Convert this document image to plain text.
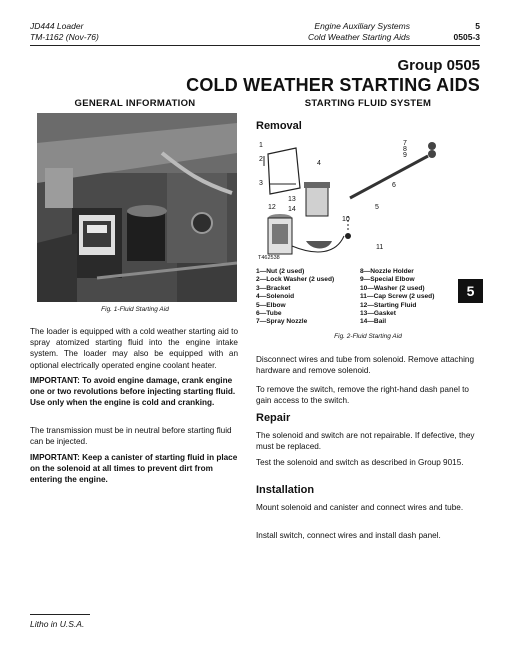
JD444 Loader
TM-1162 (Nov-76)
Engine Auxiliary Systems
Cold Weather Starting Aids
5
0505-3
Group 0505
COLD WEATHER STARTING AIDS
GENERAL INFORMATION
Fig. 1-Fluid Starting Aid
The loader is equipped with a cold weather starting aid to spray atomized starting fluid into the engine intake system. The loader may also be equipped with an optional electrically operated engine coolant heater.
IMPORTANT: To avoid engine damage, crank engine one or two revolutions before injecting starting fluid. Use only when the engine is cold and cranking.
The transmission must be in neutral before starting fluid can be injected.
IMPORTANT: Keep a canister of starting fluid in place on the solenoid at all times to prevent dirt from entering the engine.
STARTING FLUID SYSTEM
Removal
1
2
3
4
5
6
7
8
9
10
11
12
13
14
T462538
1—Nut (2 used)
2—Lock Washer (2 used)
3—Bracket
4—Solenoid
5—Elbow
6—Tube
7—Spray Nozzle
8—Nozzle Holder
9—Special Elbow
10—Washer (2 used)
11—Cap Screw (2 used)
12—Starting Fluid
13—Gasket
14—Bail
5
Fig. 2-Fluid Starting Aid
Disconnect wires and tube from solenoid. Remove attaching hardware and remove solenoid.
To remove the switch, remove the right-hand dash panel to gain access to the switch.
Repair
The solenoid and switch are not repairable. If defective, they must be replaced.
Test the solenoid and switch as described in Group 9015.
Installation
Mount solenoid and canister and connect wires and tube.
Install switch, connect wires and install dash panel.
Litho in U.S.A.
